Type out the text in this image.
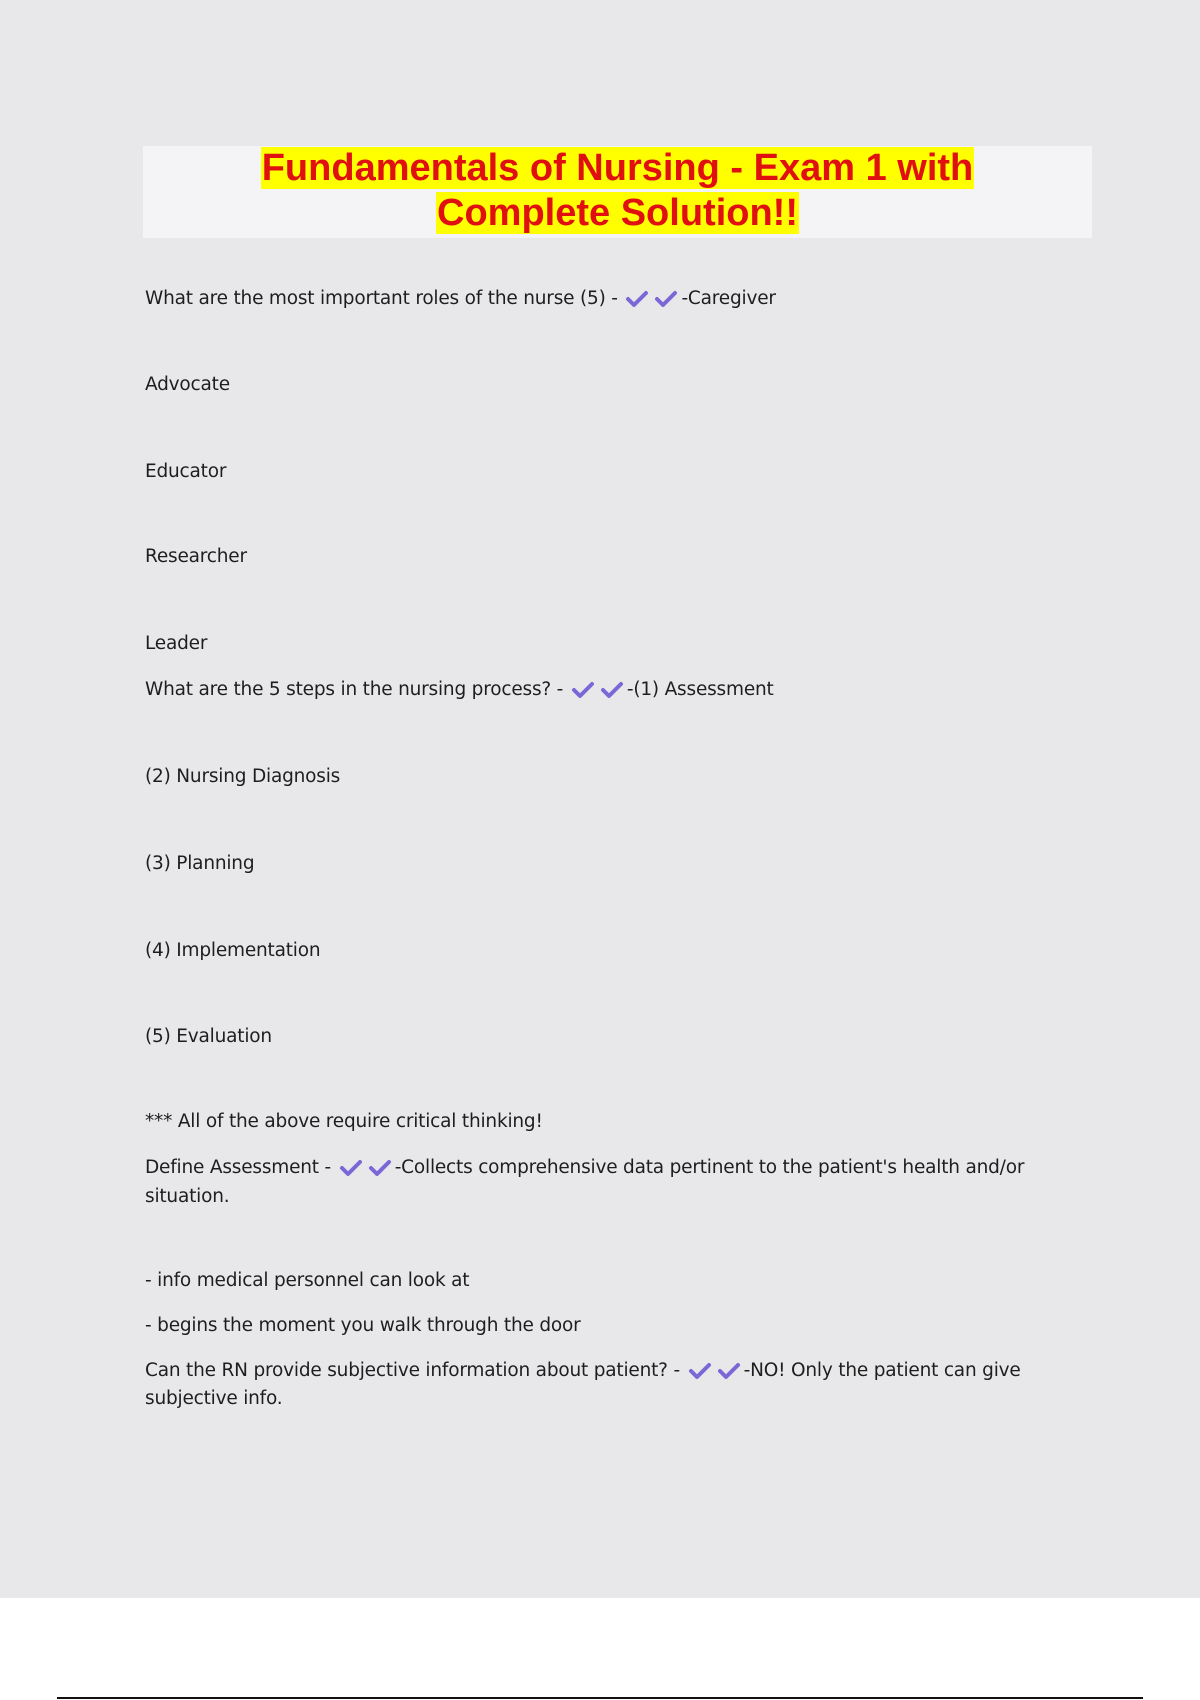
Fundamentals of Nursing - Exam 1 with
Complete Solution!!
What are the most important roles of the nurse (5) -	-Caregiver
Advocate
Educator
Researcher
Leader
What are the 5 steps in the nursing process? -	-(1) Assessment
(2) Nursing Diagnosis
(3) Planning
(4) Implementation
(5) Evaluation
*** All of the above require critical thinking!
Define Assessment -	-Collects comprehensive data pertinent to the patient's health and/or
situation.
- info medical personnel can look at
- begins the moment you walk through the door
Can the RN provide subjective information about patient? -	-NO! Only the patient can give
subjective info.
